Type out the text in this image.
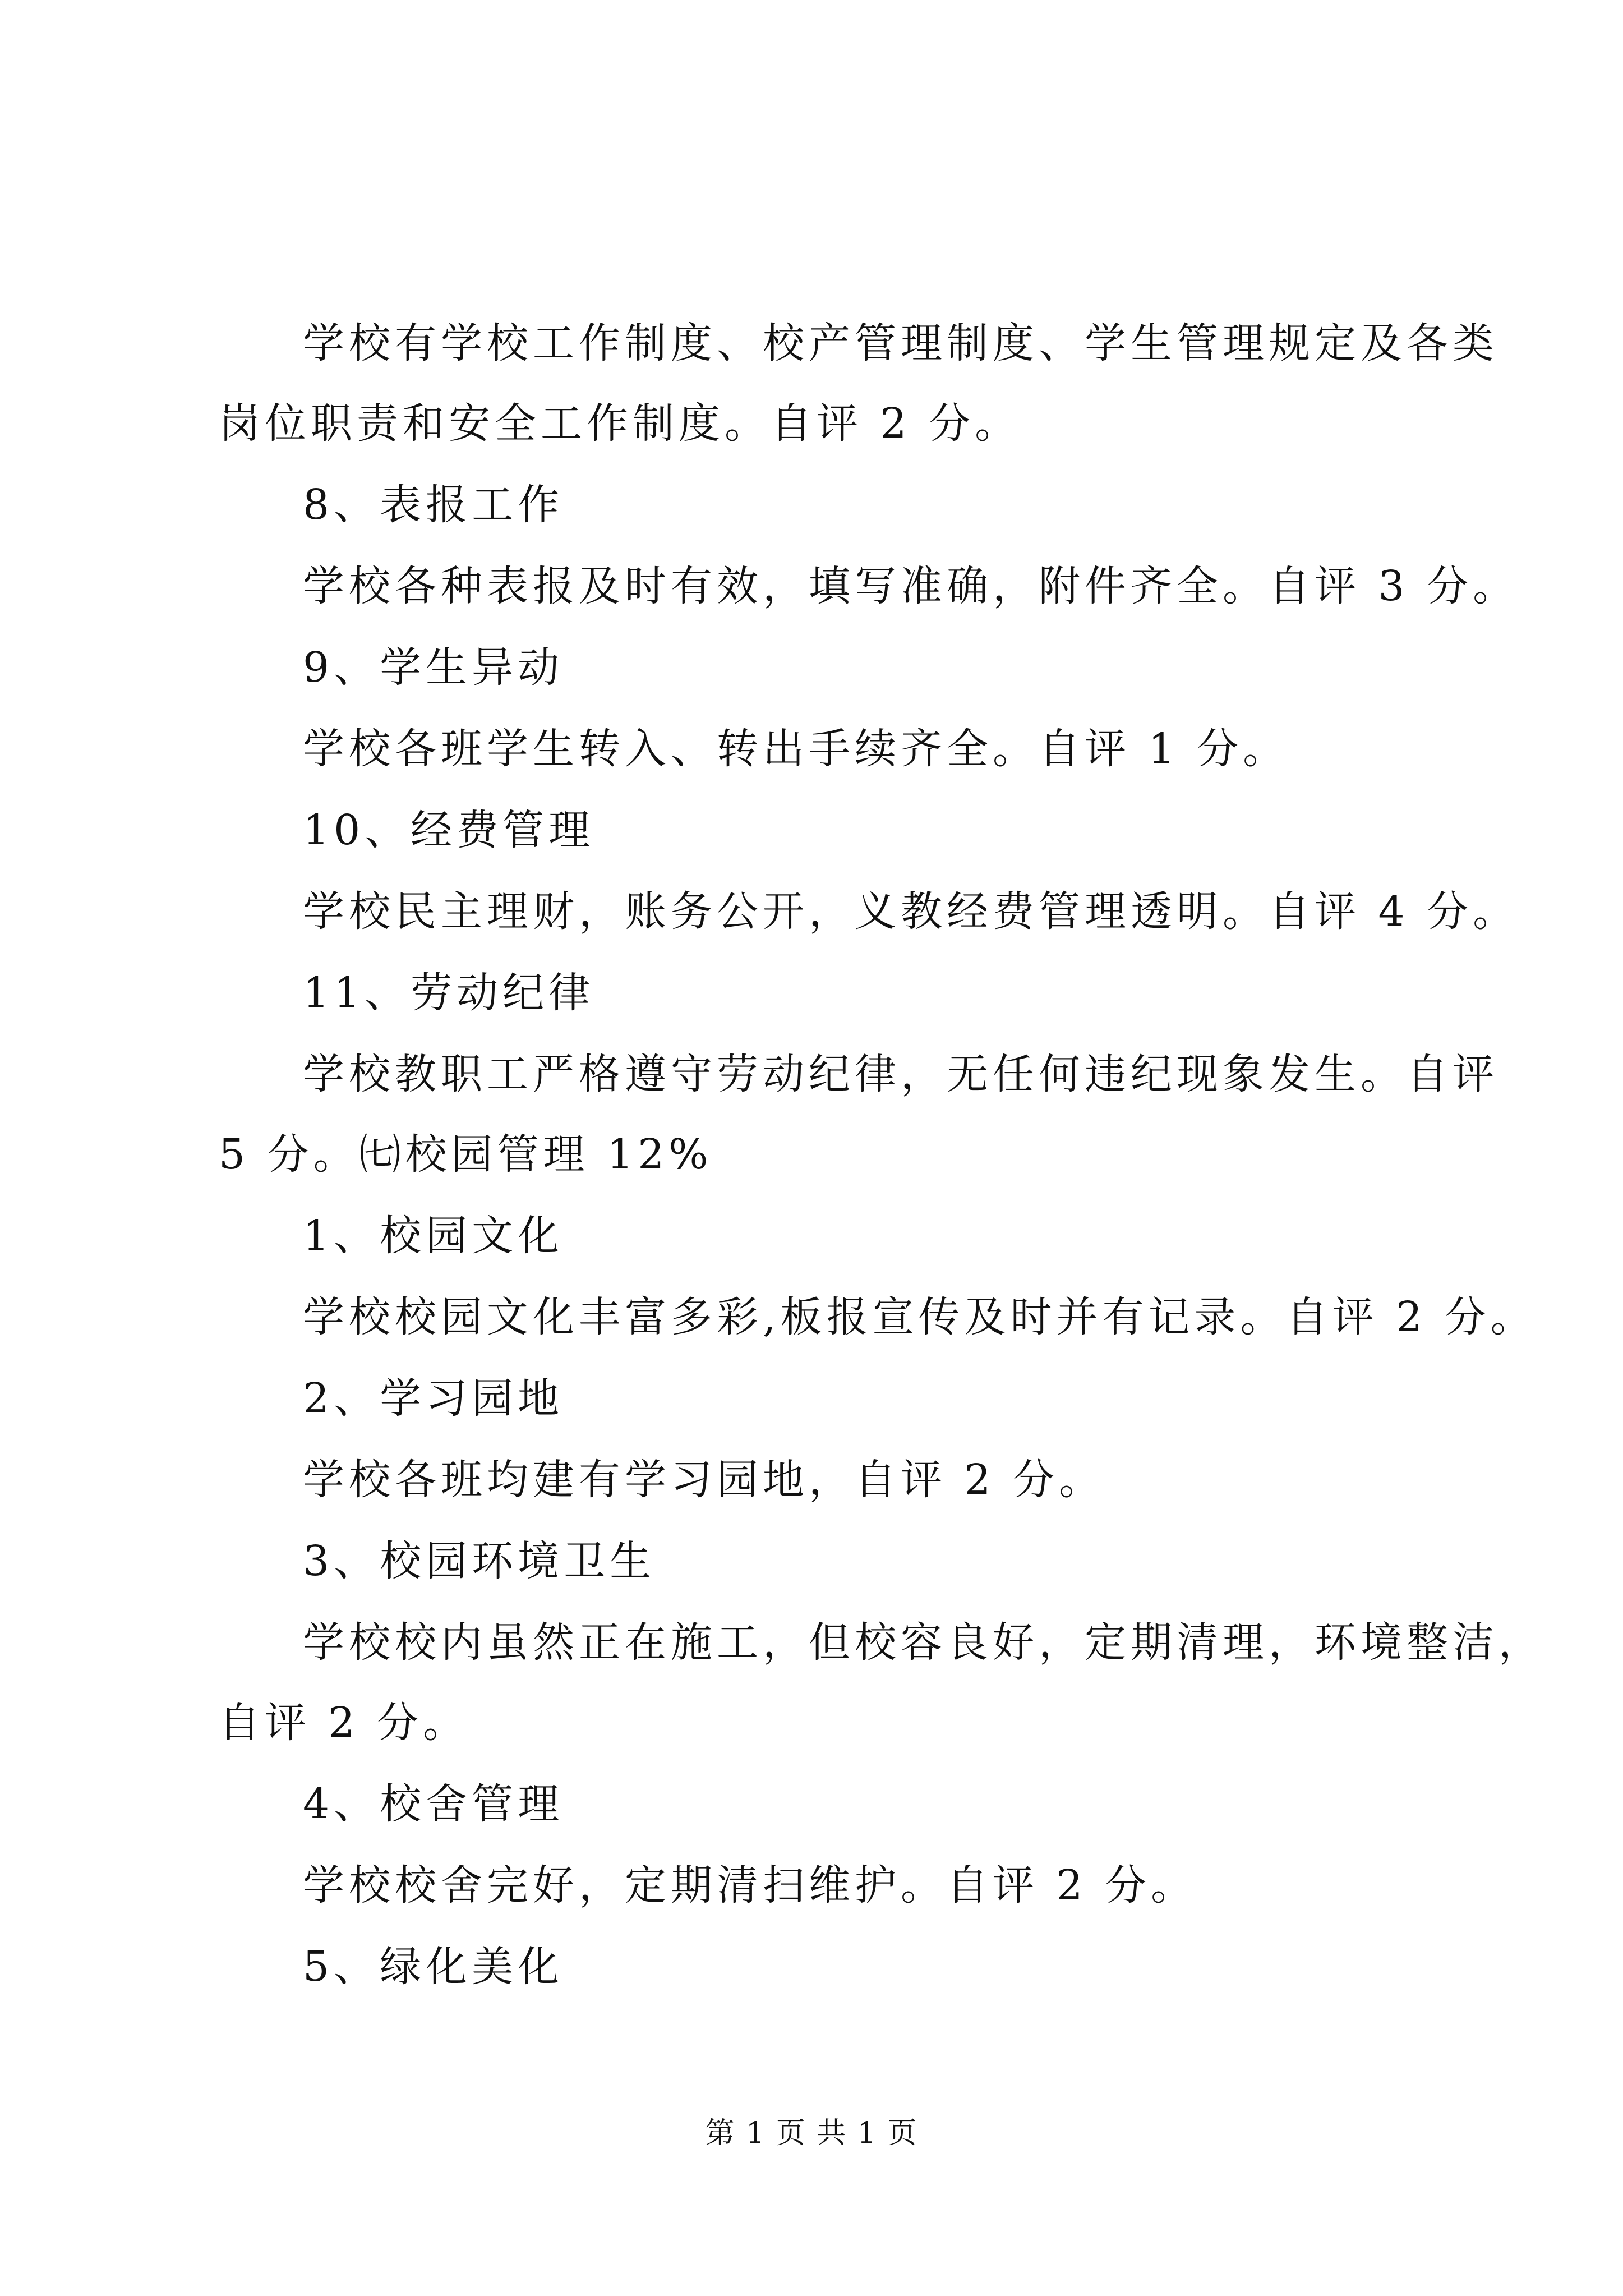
学校有学校工作制度、校产管理制度、学生管理规定及各类
岗位职责和安全工作制度。自评 2 分。
8、表报工作
学校各种表报及时有效，填写准确，附件齐全。自评 3 分。
9、学生异动
学校各班学生转入、转出手续齐全。自评 1 分。
10、经费管理
学校民主理财，账务公开，义教经费管理透明。自评 4 分。
11、劳动纪律
学校教职工严格遵守劳动纪律，无任何违纪现象发生。自评
5 分。㈦校园管理 12%
1、校园文化
学校校园文化丰富多彩,板报宣传及时并有记录。自评 2 分。
2、学习园地
学校各班均建有学习园地，自评 2 分。
3、校园环境卫生
学校校内虽然正在施工，但校容良好，定期清理，环境整洁，
自评 2 分。
4、校舍管理
学校校舍完好，定期清扫维护。自评 2 分。
5、绿化美化
第 1 页 共 1 页
